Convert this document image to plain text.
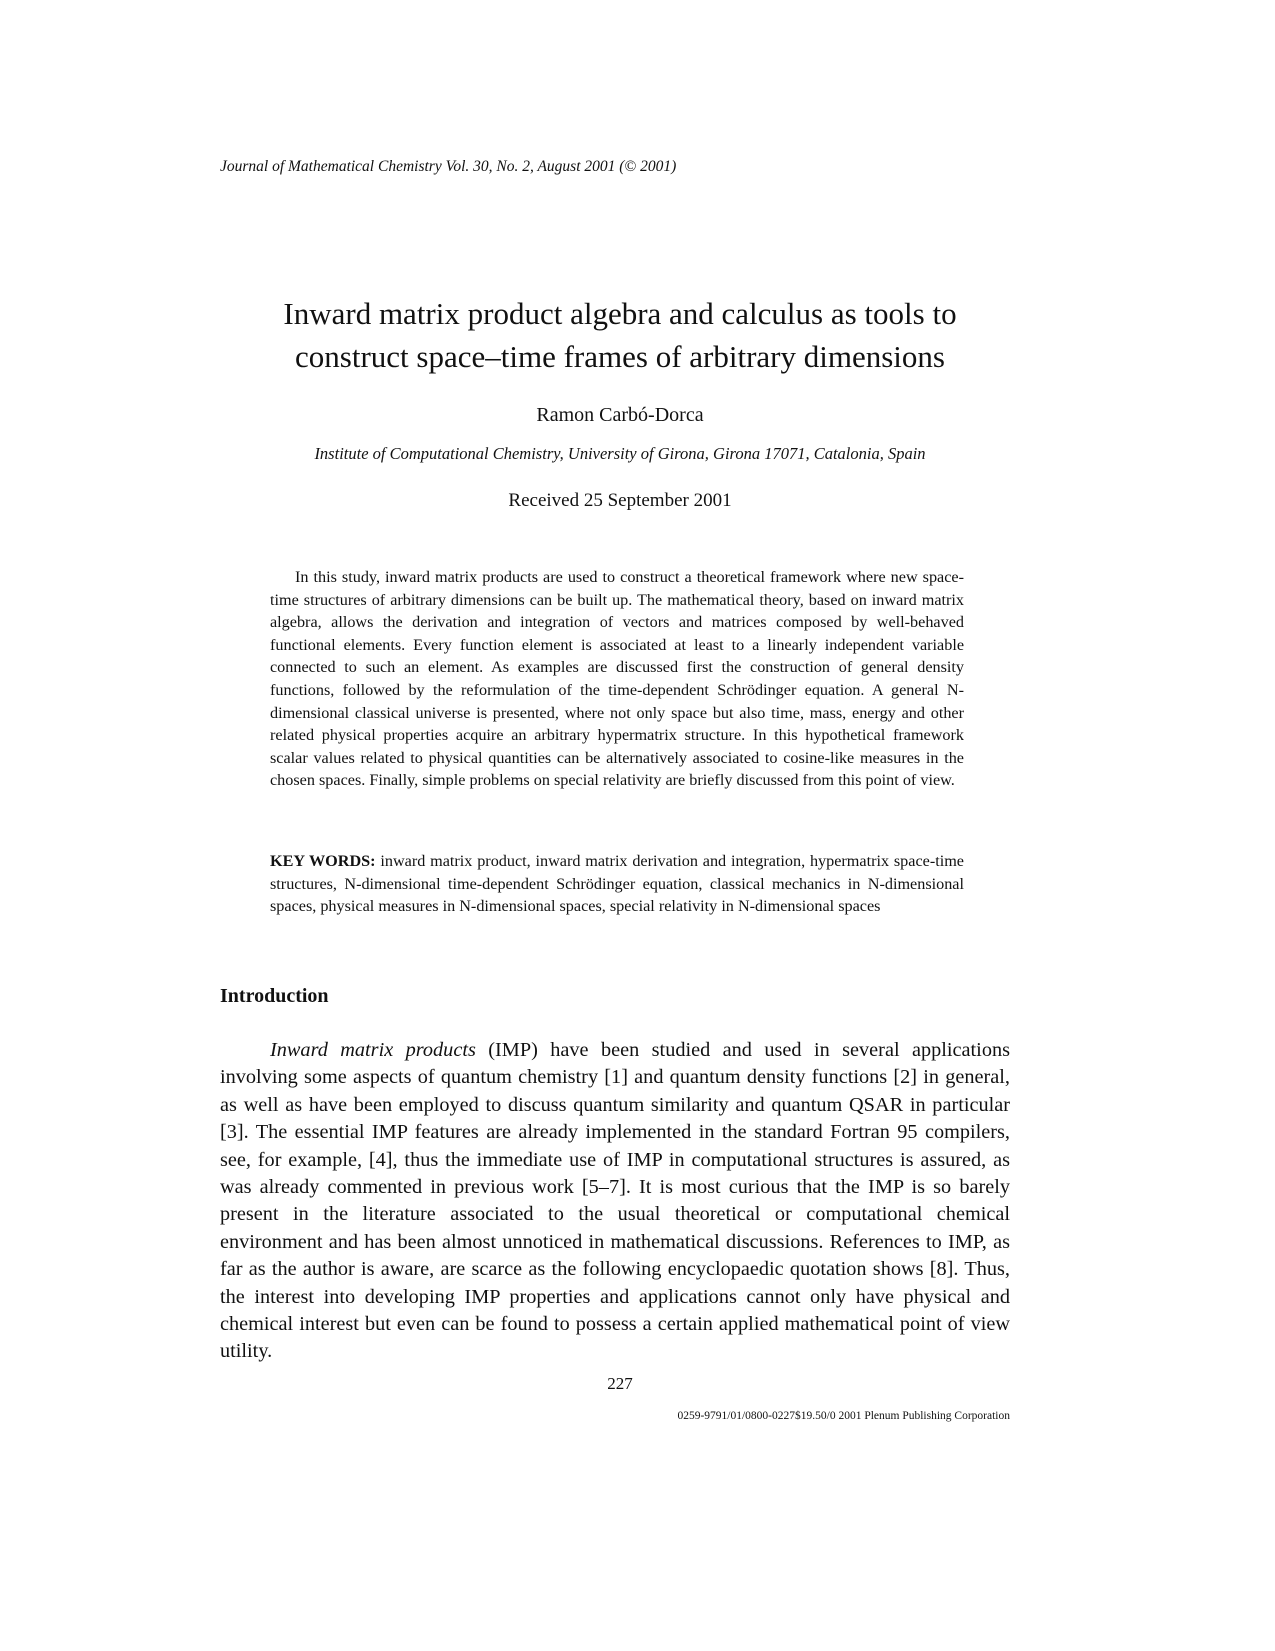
Journal of Mathematical Chemistry Vol. 30, No. 2, August 2001 (© 2001)
Inward matrix product algebra and calculus as tools to
construct space–time frames of arbitrary dimensions
Ramon Carbó-Dorca
Institute of Computational Chemistry, University of Girona, Girona 17071, Catalonia, Spain
Received 25 September 2001

In this study, inward matrix products are used to construct a theoretical framework where new space-time structures of arbitrary dimensions can be built up. The mathematical theory, based on inward matrix algebra, allows the derivation and integration of vectors and matrices composed by well-behaved functional elements. Every function element is associated at least to a linearly independent variable connected to such an element. As examples are discussed first the construction of general density functions, followed by the reformulation of the time-dependent Schrödinger equation. A general N-dimensional classical universe is presented, where not only space but also time, mass, energy and other related physical properties acquire an arbitrary hypermatrix structure. In this hypothetical framework scalar values related to physical quantities can be alternatively associated to cosine-like measures in the chosen spaces. Finally, simple problems on special relativity are briefly discussed from this point of view.

KEY WORDS: inward matrix product, inward matrix derivation and integration, hypermatrix space-time structures, N-dimensional time-dependent Schrödinger equation, classical mechanics in N-dimensional spaces, physical measures in N-dimensional spaces, special relativity in N-dimensional spaces

Introduction

Inward matrix products (IMP) have been studied and used in several applications involving some aspects of quantum chemistry [1] and quantum density functions [2] in general, as well as have been employed to discuss quantum similarity and quantum QSAR in particular [3]. The essential IMP features are already implemented in the standard Fortran 95 compilers, see, for example, [4], thus the immediate use of IMP in computational structures is assured, as was already commented in previous work [5–7]. It is most curious that the IMP is so barely present in the literature associated to the usual theoretical or computational chemical environment and has been almost unnoticed in mathematical discussions. References to IMP, as far as the author is aware, are scarce as the following encyclopaedic quotation shows [8]. Thus, the interest into developing IMP properties and applications cannot only have physical and chemical interest but even can be found to possess a certain applied mathematical point of view utility.

227
0259-9791/01/0800-0227$19.50/0 2001 Plenum Publishing Corporation
